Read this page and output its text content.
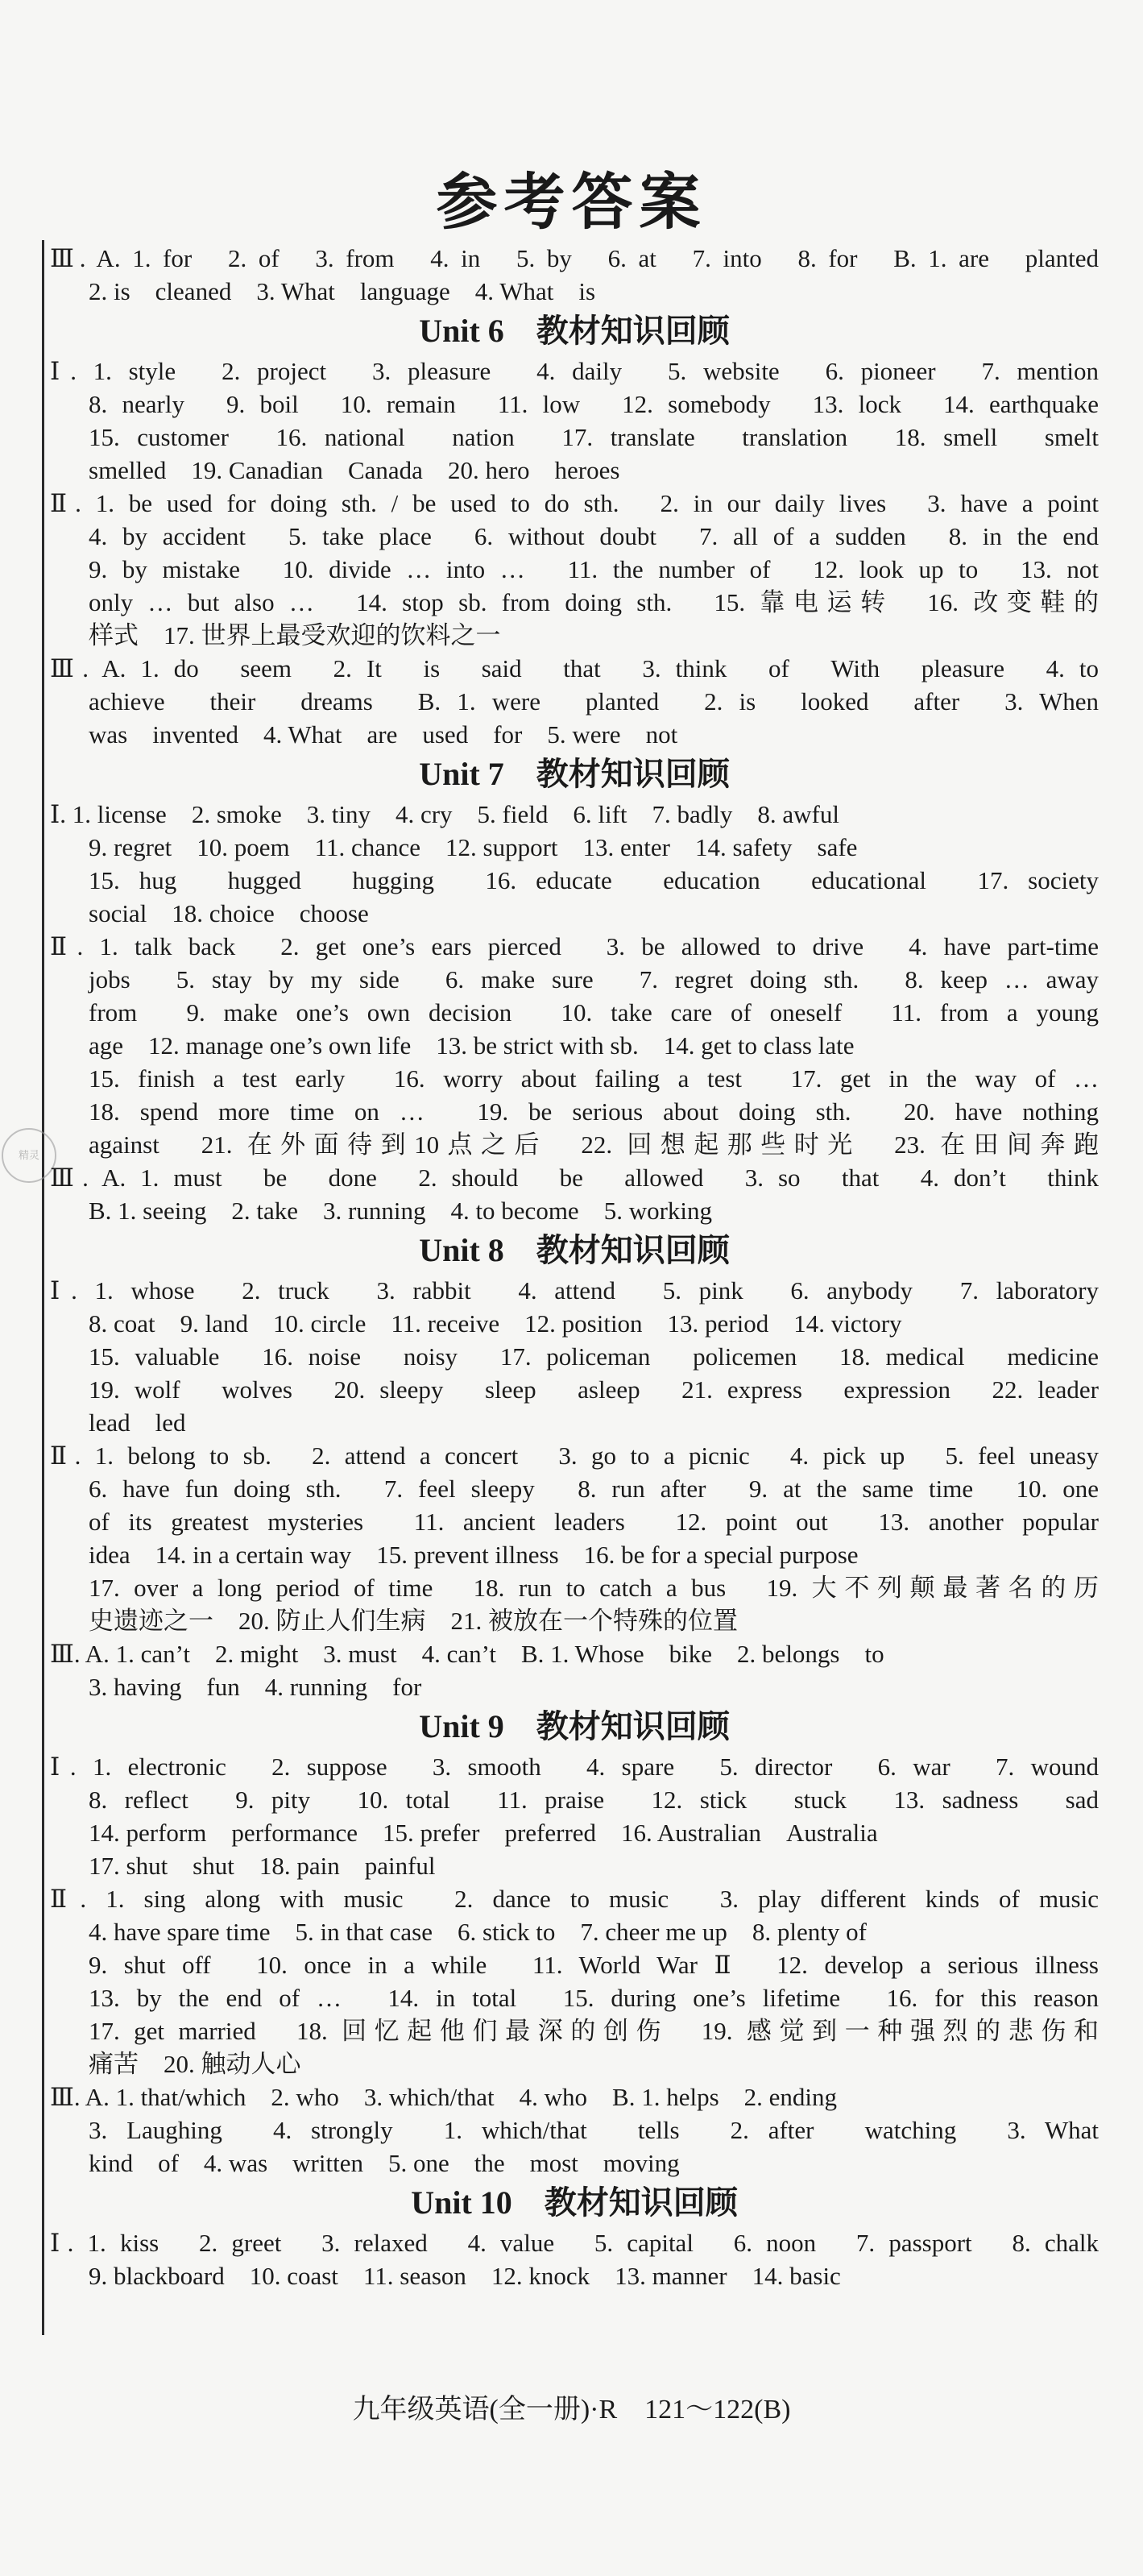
参考答案
精灵
Ⅲ. A. 1. for　2. of　3. from　4. in　5. by　6. at　7. into　8. for　B. 1. are　planted
2. is　cleaned　3. What　language　4. What　is
Unit 6　教材知识回顾
Ⅰ. 1. style　2. project　3. pleasure　4. daily　5. website　6. pioneer　7. mention
8. nearly　9. boil　10. remain　11. low　12. somebody　13. lock　14. earthquake
15. customer　16. national　nation　17. translate　translation　18. smell　smelt
smelled　19. Canadian　Canada　20. hero　heroes
Ⅱ. 1. be used for doing sth. / be used to do sth.　2. in our daily lives　3. have a point
4. by accident　5. take place　6. without doubt　7. all of a sudden　8. in the end
9. by mistake　10. divide … into …　11. the number of　12. look up to　13. not
only … but also …　14. stop sb. from doing sth.　15. 靠电运转　16. 改变鞋的
样式　17. 世界上最受欢迎的饮料之一
Ⅲ. A. 1. do　seem　2. It　is　said　that　3. think　of　With　pleasure　4. to
achieve　their　dreams　B. 1. were　planted　2. is　looked　after　3. When
was　invented　4. What　are　used　for　5. were　not
Unit 7　教材知识回顾
Ⅰ. 1. license　2. smoke　3. tiny　4. cry　5. field　6. lift　7. badly　8. awful
9. regret　10. poem　11. chance　12. support　13. enter　14. safety　safe
15. hug　hugged　hugging　16. educate　education　educational　17. society
social　18. choice　choose
Ⅱ. 1. talk back　2. get one’s ears pierced　3. be allowed to drive　4. have part-time
jobs　5. stay by my side　6. make sure　7. regret doing sth.　8. keep … away
from　9. make one’s own decision　10. take care of oneself　11. from a young
age　12. manage one’s own life　13. be strict with sb.　14. get to class late
15. finish a test early　16. worry about failing a test　17. get in the way of …
18. spend more time on …　19. be serious about doing sth.　20. have nothing
against　21. 在外面待到10点之后　22. 回想起那些时光　23. 在田间奔跑
Ⅲ. A. 1. must　be　done　2. should　be　allowed　3. so　that　4. don’t　think
B. 1. seeing　2. take　3. running　4. to become　5. working
Unit 8　教材知识回顾
Ⅰ. 1. whose　2. truck　3. rabbit　4. attend　5. pink　6. anybody　7. laboratory
8. coat　9. land　10. circle　11. receive　12. position　13. period　14. victory
15. valuable　16. noise　noisy　17. policeman　policemen　18. medical　medicine
19. wolf　wolves　20. sleepy　sleep　asleep　21. express　expression　22. leader
lead　led
Ⅱ. 1. belong to sb.　2. attend a concert　3. go to a picnic　4. pick up　5. feel uneasy
6. have fun doing sth.　7. feel sleepy　8. run after　9. at the same time　10. one
of its greatest mysteries　11. ancient leaders　12. point out　13. another popular
idea　14. in a certain way　15. prevent illness　16. be for a special purpose
17. over a long period of time　18. run to catch a bus　19. 大不列颠最著名的历
史遗迹之一　20. 防止人们生病　21. 被放在一个特殊的位置
Ⅲ. A. 1. can’t　2. might　3. must　4. can’t　B. 1. Whose　bike　2. belongs　to
3. having　fun　4. running　for
Unit 9　教材知识回顾
Ⅰ. 1. electronic　2. suppose　3. smooth　4. spare　5. director　6. war　7. wound
8. reflect　9. pity　10. total　11. praise　12. stick　stuck　13. sadness　sad
14. perform　performance　15. prefer　preferred　16. Australian　Australia
17. shut　shut　18. pain　painful
Ⅱ. 1. sing along with music　2. dance to music　3. play different kinds of music
4. have spare time　5. in that case　6. stick to　7. cheer me up　8. plenty of
9. shut off　10. once in a while　11. World War Ⅱ　12. develop a serious illness
13. by the end of …　14. in total　15. during one’s lifetime　16. for this reason
17. get married　18. 回忆起他们最深的创伤　19. 感觉到一种强烈的悲伤和
痛苦　20. 触动人心
Ⅲ. A. 1. that/which　2. who　3. which/that　4. who　B. 1. helps　2. ending
3. Laughing　4. strongly　1. which/that　tells　2. after　watching　3. What
kind　of　4. was　written　5. one　the　most　moving
Unit 10　教材知识回顾
Ⅰ. 1. kiss　2. greet　3. relaxed　4. value　5. capital　6. noon　7. passport　8. chalk
9. blackboard　10. coast　11. season　12. knock　13. manner　14. basic
九年级英语(全一册)·R　121～122(B)
